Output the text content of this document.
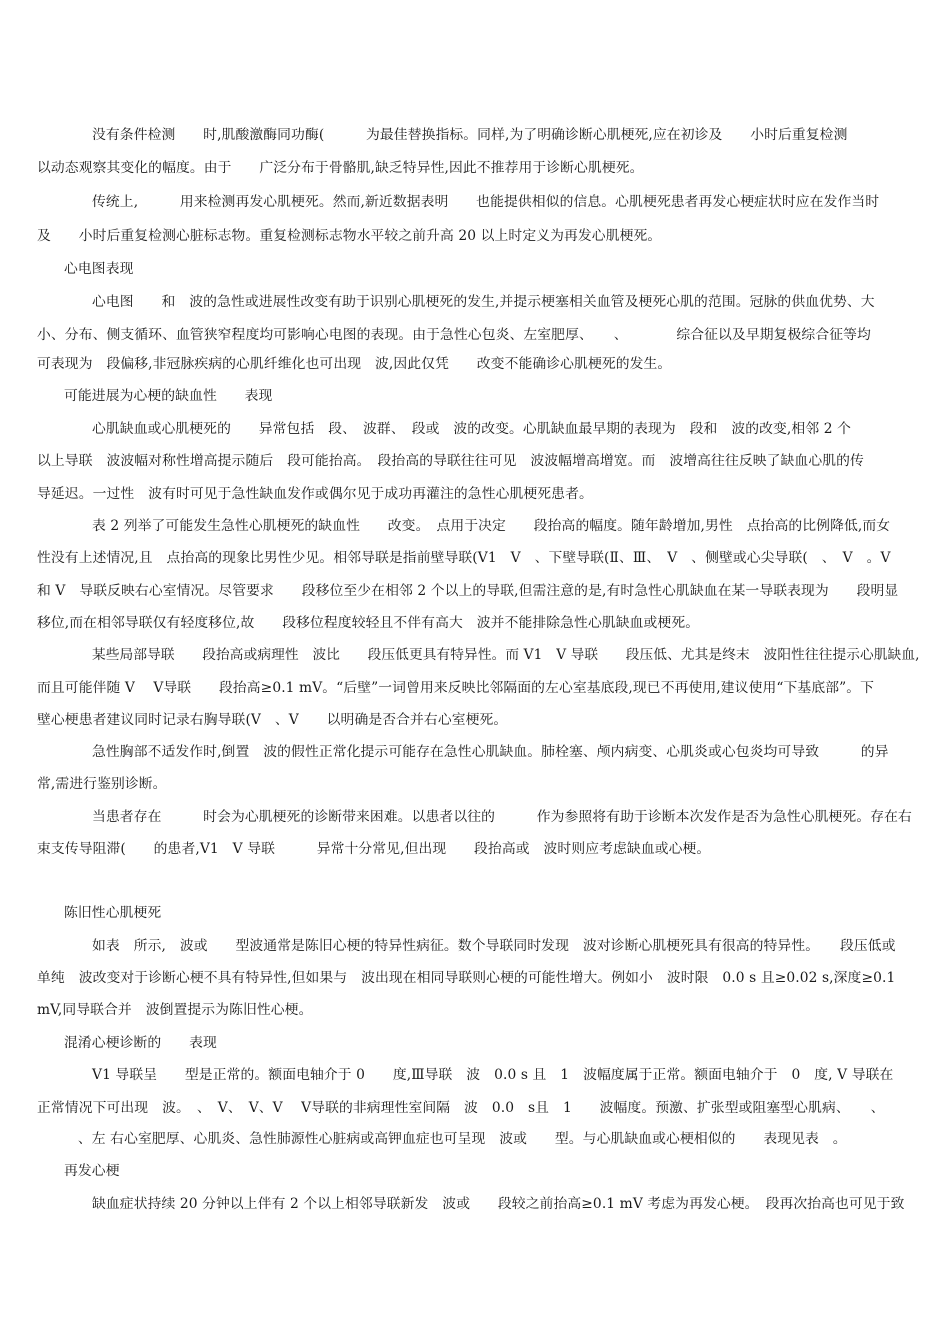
没有条件检测　　时,肌酸激酶同功酶(　　　为最佳替换指标。同样,为了明确诊断心肌梗死,应在初诊及　　小时后重复检测
以动态观察其变化的幅度。由于　　广泛分布于骨骼肌,缺乏特异性,因此不推荐用于诊断心肌梗死。
传统上,　　　用来检测再发心肌梗死。然而,新近数据表明　　也能提供相似的信息。心肌梗死患者再发心梗症状时应在发作当时
及　　小时后重复检测心脏标志物。重复检测标志物水平较之前升高 20 以上时定义为再发心肌梗死。
心电图表现
心电图　　和　波的急性或进展性改变有助于识别心肌梗死的发生,并提示梗塞相关血管及梗死心肌的范围。冠脉的供血优势、大
小、分布、侧支循环、血管狭窄程度均可影响心电图的表现。由于急性心包炎、左室肥厚、　　、　　　　综合征以及早期复极综合征等均
可表现为　段偏移,非冠脉疾病的心肌纤维化也可出现　波,因此仅凭　　改变不能确诊心肌梗死的发生。
可能进展为心梗的缺血性　　表现
心肌缺血或心肌梗死的　　异常包括　段、　波群、　段或　波的改变。心肌缺血最早期的表现为　段和　波的改变,相邻 2 个
以上导联　波波幅对称性增高提示随后　段可能抬高。　段抬高的导联往往可见　波波幅增高增宽。而　波增高往往反映了缺血心肌的传
导延迟。一过性　波有时可见于急性缺血发作或偶尔见于成功再灌注的急性心肌梗死患者。
表 2 列举了可能发生急性心肌梗死的缺血性　　改变。　点用于决定　　段抬高的幅度。随年龄增加,男性　点抬高的比例降低,而女
性没有上述情况,且　点抬高的现象比男性少见。相邻导联是指前壁导联(V1　V　、下壁导联(Ⅱ、Ⅲ、　V　、侧壁或心尖导联(　、　V　。V
和 V　导联反映右心室情况。尽管要求　　段移位至少在相邻 2 个以上的导联,但需注意的是,有时急性心肌缺血在某一导联表现为　　段明显
移位,而在相邻导联仅有轻度移位,故　　段移位程度较轻且不伴有高大　波并不能排除急性心肌缺血或梗死。
某些局部导联　　段抬高或病理性　波比　　段压低更具有特异性。而 V1　V 导联　　段压低、尤其是终末　波阳性往往提示心肌缺血,
而且可能伴随 V　 V导联　　段抬高≥0.1 mV。“后壁”一词曾用来反映比邻隔面的左心室基底段,现已不再使用,建议使用“下基底部”。下
壁心梗患者建议同时记录右胸导联(V　、V　　以明确是否合并右心室梗死。
急性胸部不适发作时,倒置　波的假性正常化提示可能存在急性心肌缺血。肺栓塞、颅内病变、心肌炎或心包炎均可导致　　　的异
常,需进行鉴别诊断。
当患者存在　　　时会为心肌梗死的诊断带来困难。以患者以往的　　　作为参照将有助于诊断本次发作是否为急性心肌梗死。存在右
束支传导阻滞(　　的患者,V1　V 导联　　　异常十分常见,但出现　　段抬高或　波时则应考虑缺血或心梗。
陈旧性心肌梗死
如表　所示,　波或　　型波通常是陈旧心梗的特异性病征。数个导联同时发现　波对诊断心肌梗死具有很高的特异性。　　段压低或
单纯　波改变对于诊断心梗不具有特异性,但如果与　波出现在相同导联则心梗的可能性增大。例如小　波时限　0.0 s 且≥0.02 s,深度≥0.1
mV,同导联合并　波倒置提示为陈旧性心梗。
混淆心梗诊断的　　表现
V1 导联呈　　型是正常的。额面电轴介于 0　　度,Ⅲ导联　波　0.0 s 且　1　波幅度属于正常。额面电轴介于　0　度, V 导联在
正常情况下可出现　波。　、　V、　V、V　 V导联的非病理性室间隔　波　0.0　s且　1　　波幅度。预激、扩张型或阻塞型心肌病、　　、
　、左 右心室肥厚、心肌炎、急性肺源性心脏病或高钾血症也可呈现　波或　　型。与心肌缺血或心梗相似的　　表现见表　。
再发心梗
缺血症状持续 20 分钟以上伴有 2 个以上相邻导联新发　波或　　段较之前抬高≥0.1 mV 考虑为再发心梗。　段再次抬高也可见于致
